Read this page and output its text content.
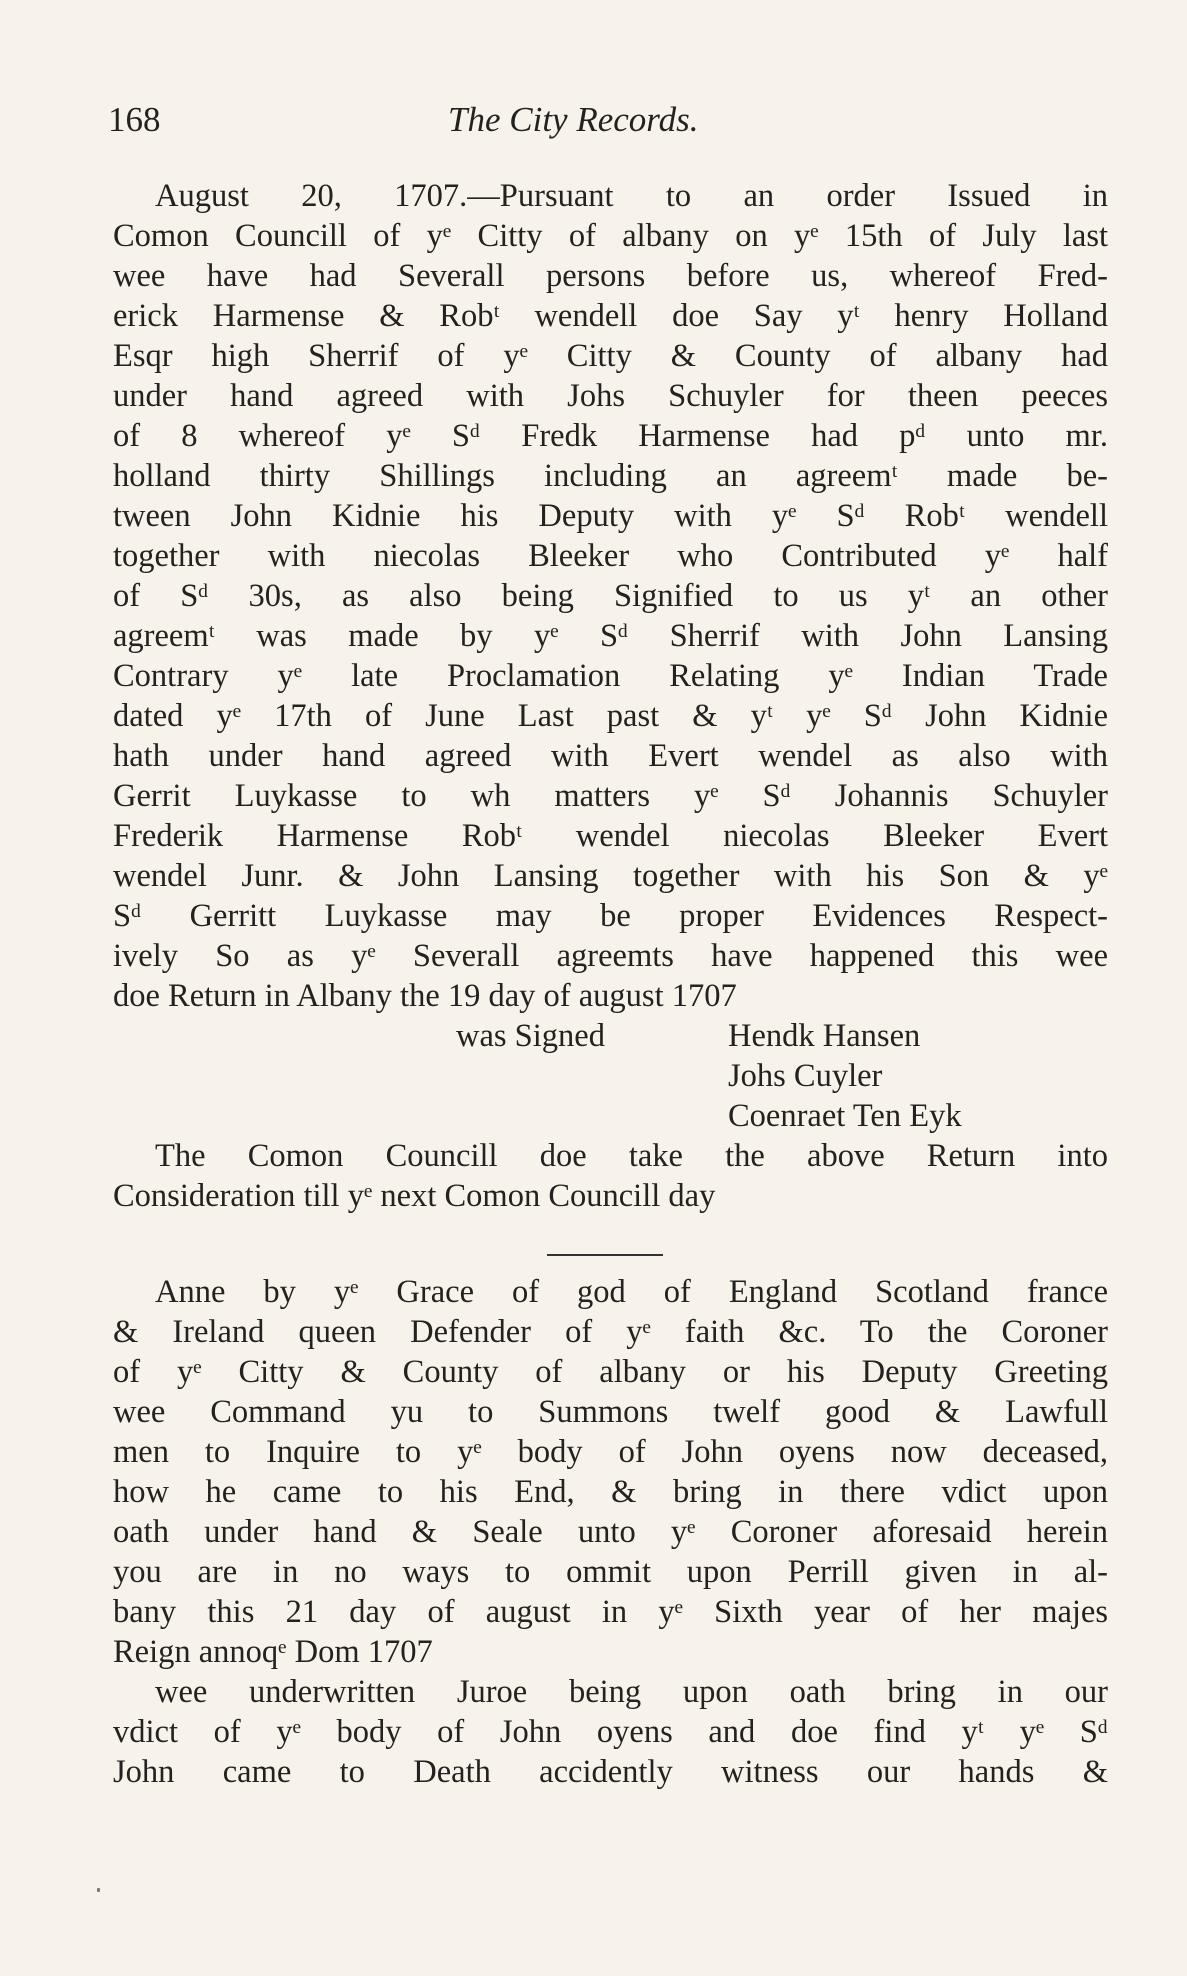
168	The City Records.
August 20, 1707.—Pursuant to an order Issued in
Comon Councill of yᵉ Citty of albany on yᵉ 15th of July last
wee have had Severall persons before us, whereof Fred-
erick Harmense & Robᵗ wendell doe Say yᵗ henry Holland
Esqr high Sherrif of yᵉ Citty & County of albany had
under hand agreed with Johs Schuyler for theen peeces
of 8 whereof yᵉ Sᵈ Fredk Harmense had pᵈ unto mr.
holland thirty Shillings including an agreemᵗ made be-
tween John Kidnie his Deputy with yᵉ Sᵈ Robᵗ wendell
together with niecolas Bleeker who Contributed yᵉ half
of Sᵈ 30s, as also being Signified to us yᵗ an other
agreemᵗ was made by yᵉ Sᵈ Sherrif with John Lansing
Contrary yᵉ late Proclamation Relating yᵉ Indian Trade
dated yᵉ 17th of June Last past & yᵗ yᵉ Sᵈ John Kidnie
hath under hand agreed with Evert wendel as also with
Gerrit Luykasse to wh matters yᵉ Sᵈ Johannis Schuyler
Frederik Harmense Robᵗ wendel niecolas Bleeker Evert
wendel Junr. & John Lansing together with his Son & yᵉ
Sᵈ Gerritt Luykasse may be proper Evidences Respect-
ively So as yᵉ Severall agreemts have happened this wee
doe Return in Albany the 19 day of august 1707
was Signed	Hendk Hansen
Johs Cuyler
Coenraet Ten Eyk
The Comon Councill doe take the above Return into
Consideration till yᵉ next Comon Councill day
Anne by yᵉ Grace of god of England Scotland france
& Ireland queen Defender of yᵉ faith &c. To the Coroner
of yᵉ Citty & County of albany or his Deputy Greeting
wee Command yu to Summons twelf good & Lawfull
men to Inquire to yᵉ body of John oyens now deceased,
how he came to his End, & bring in there vdict upon
oath under hand & Seale unto yᵉ Coroner aforesaid herein
you are in no ways to ommit upon Perrill given in al-
bany this 21 day of august in yᵉ Sixth year of her majes
Reign annoqᵉ Dom 1707
wee underwritten Juroe being upon oath bring in our
vdict of yᵉ body of John oyens and doe find yᵗ yᵉ Sᵈ
John came to Death accidently witness our hands &
